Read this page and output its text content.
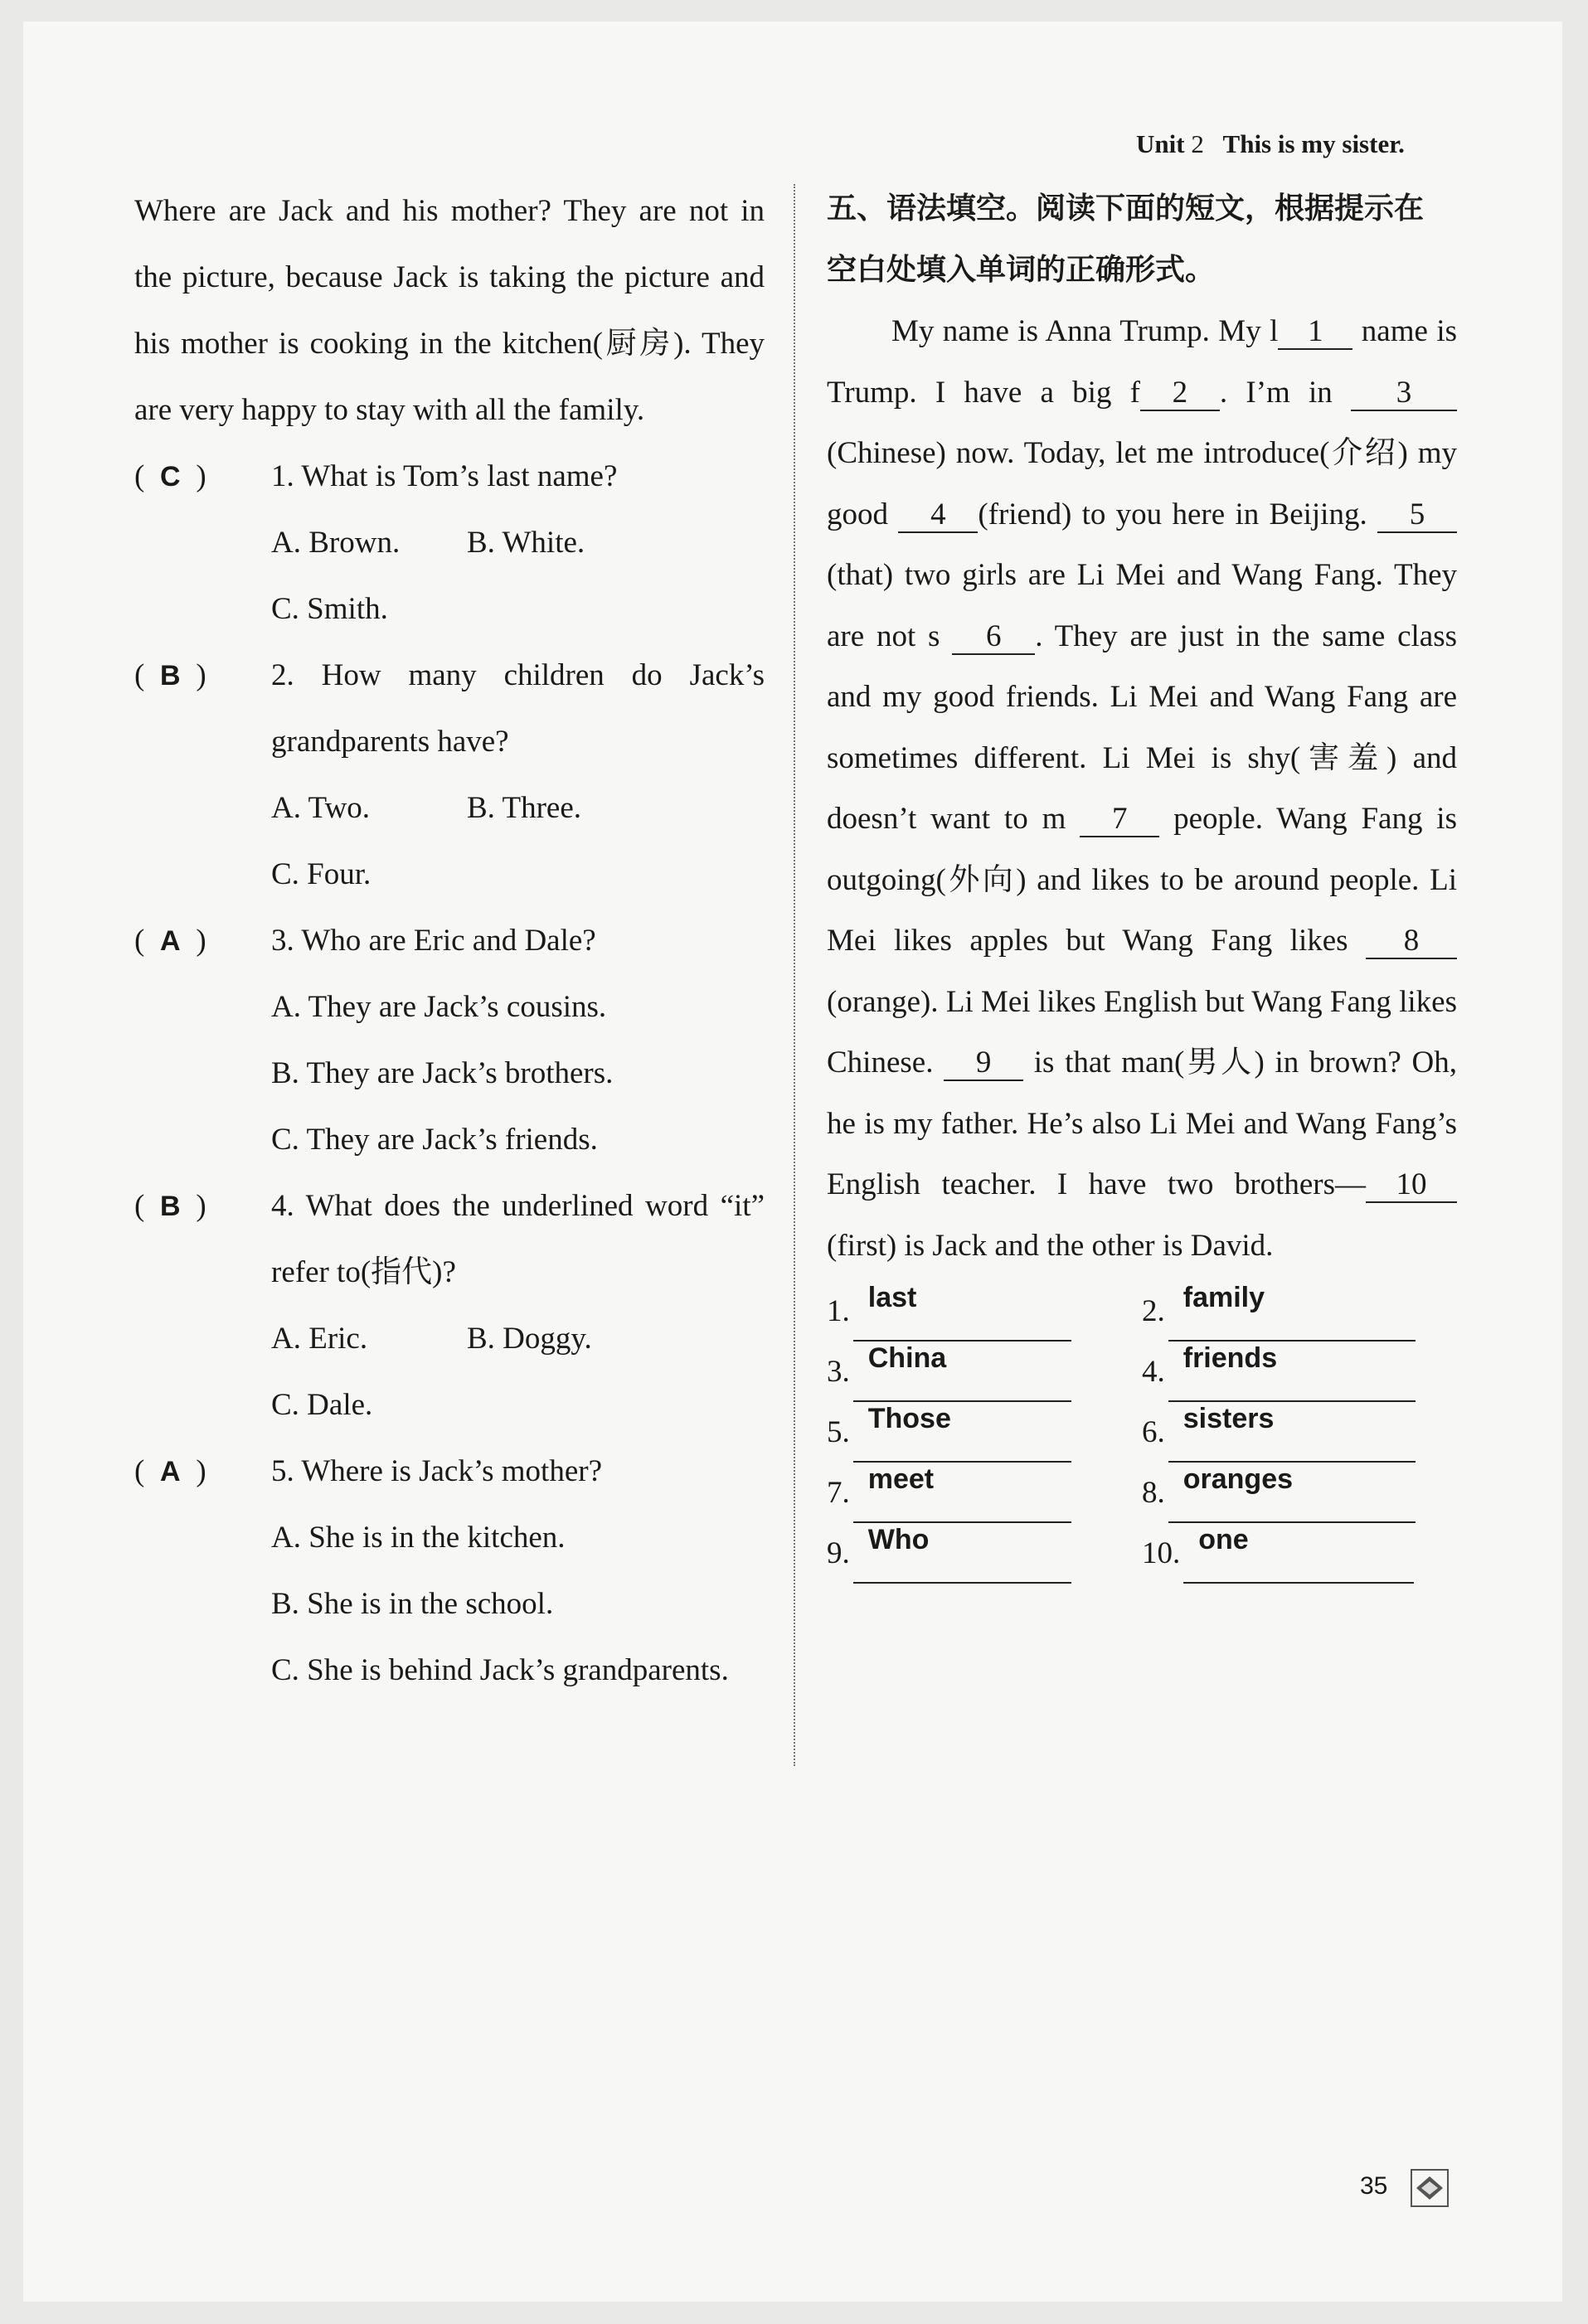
Unit 2 This is my sister.

Where are Jack and his mother? They are not in the picture, because Jack is taking the picture and his mother is cooking in the kitchen(厨房). They are very happy to stay with all the family.

( C )	1. What is Tom’s last name?
A. Brown. B. White.
C. Smith.
( B )	2. How many children do Jack’s grandparents have?
A. Two.	B. Three.
C. Four.
( A )	3. Who are Eric and Dale?
A. They are Jack’s cousins.
B. They are Jack’s brothers.
C. They are Jack’s friends.
( B )	4. What does the underlined word “it” refer to(指代)?
A. Eric.	B. Doggy.
C. Dale.
( A )	5. Where is Jack’s mother?
A. She is in the kitchen.
B. She is in the school.
C. She is behind Jack’s grandparents.

五、语法填空。阅读下面的短文，根据提示在
空白处填入单词的正确形式。

My name is Anna Trump. My l 1 name is Trump. I have a big f 2 . I’m in 3(Chinese) now. Today, let me introduce(介绍) my good 4 (friend) to you here in Beijing. 5(that) two girls are Li Mei and Wang Fang. They are not s 6 . They are just in the same class and my good friends. Li Mei and Wang Fang are sometimes different. Li Mei is shy(害羞) and doesn’t want to m 7 people. Wang Fang is outgoing(外向) and likes to be around people. Li Mei likes apples but Wang Fang likes 8(orange). Li Mei likes English but Wang Fang likes Chinese. 9 is that man(男人) in brown? Oh, he is my father. He’s also Li Mei and Wang Fang’s English teacher. I have two brothers— 10(first) is Jack and the other is David.

1. last	2. family
3. China	4. friends
5. Those	6. sisters
7. meet	8. oranges
9. Who	10. one
35
